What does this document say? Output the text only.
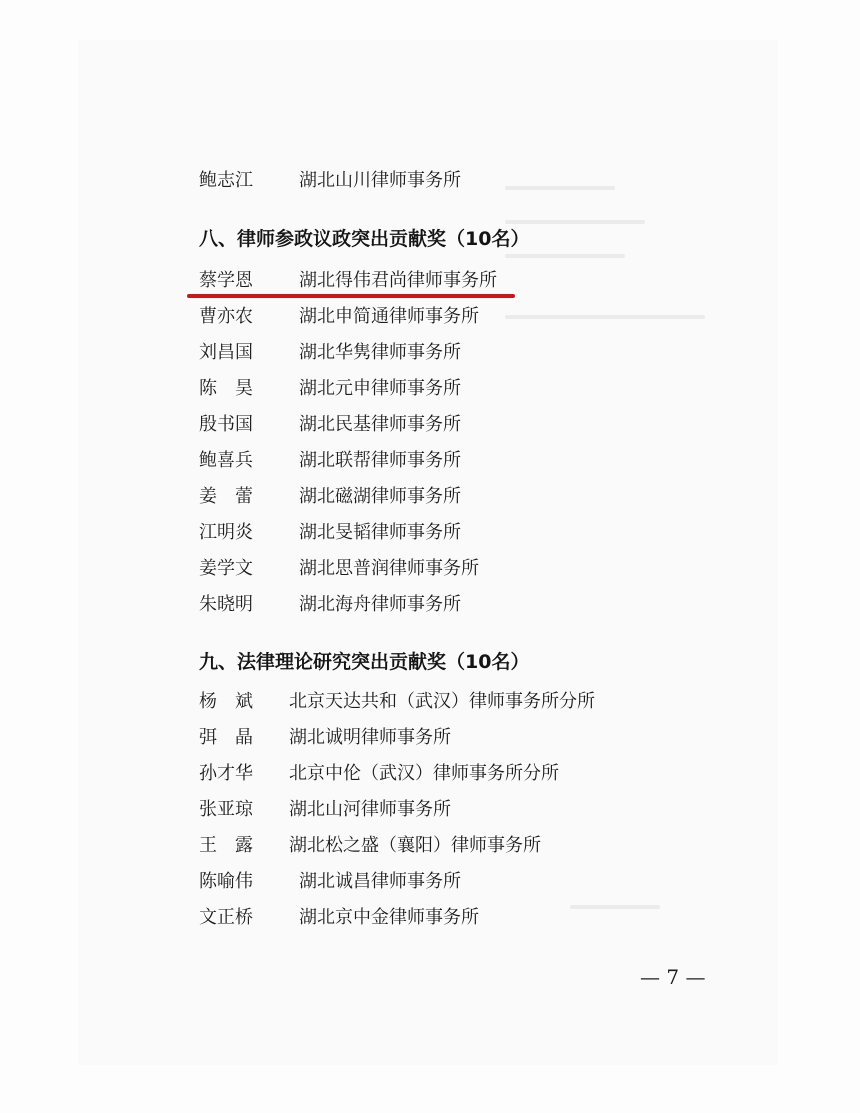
鲍志江	湖北山川律师事务所
八、律师参政议政突出贡献奖（10名）
蔡学恩	湖北得伟君尚律师事务所
曹亦农	湖北申简通律师事务所
刘昌国	湖北华隽律师事务所
陈　昊	湖北元申律师事务所
殷书国	湖北民基律师事务所
鲍喜兵	湖北联帮律师事务所
姜　蕾	湖北磁湖律师事务所
江明炎	湖北旻韬律师事务所
姜学文	湖北思普润律师事务所
朱晓明	湖北海舟律师事务所
九、法律理论研究突出贡献奖（10名）
杨　斌 北京天达共和（武汉）律师事务所分所
弭　晶 湖北诚明律师事务所
孙才华 北京中伦（武汉）律师事务所分所
张亚琼 湖北山河律师事务所
王　露 湖北松之盛（襄阳）律师事务所
陈喻伟	湖北诚昌律师事务所
文正桥	湖北京中金律师事务所
— 7 —
